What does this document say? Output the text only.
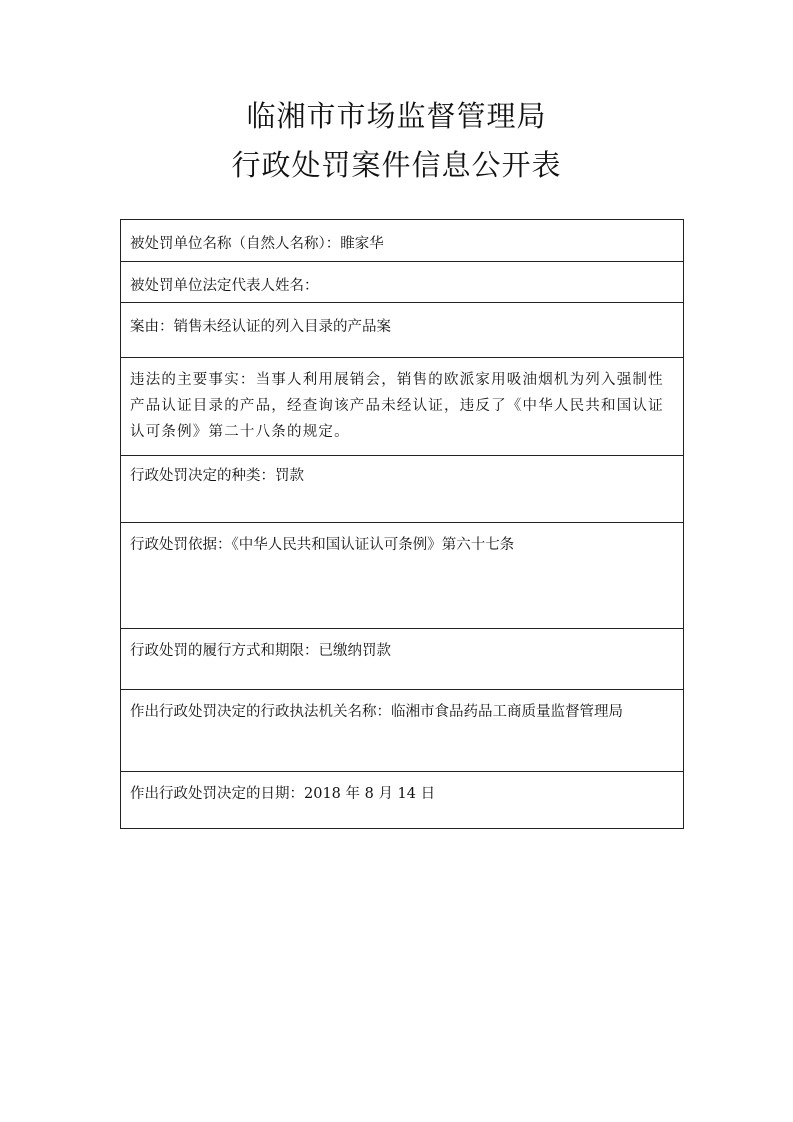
临湘市市场监督管理局
行政处罚案件信息公开表
被处罚单位名称（自然人名称）：睢家华
被处罚单位法定代表人姓名：
案由：销售未经认证的列入目录的产品案
违法的主要事实：当事人利用展销会，销售的欧派家用吸油烟机为列入强制性产品认证目录的产品，经查询该产品未经认证，违反了《中华人民共和国认证认可条例》第二十八条的规定。
行政处罚决定的种类：罚款
行政处罚依据：《中华人民共和国认证认可条例》第六十七条
行政处罚的履行方式和期限：已缴纳罚款
作出行政处罚决定的行政执法机关名称：临湘市食品药品工商质量监督管理局
作出行政处罚决定的日期：2018 年 8 月 14 日
